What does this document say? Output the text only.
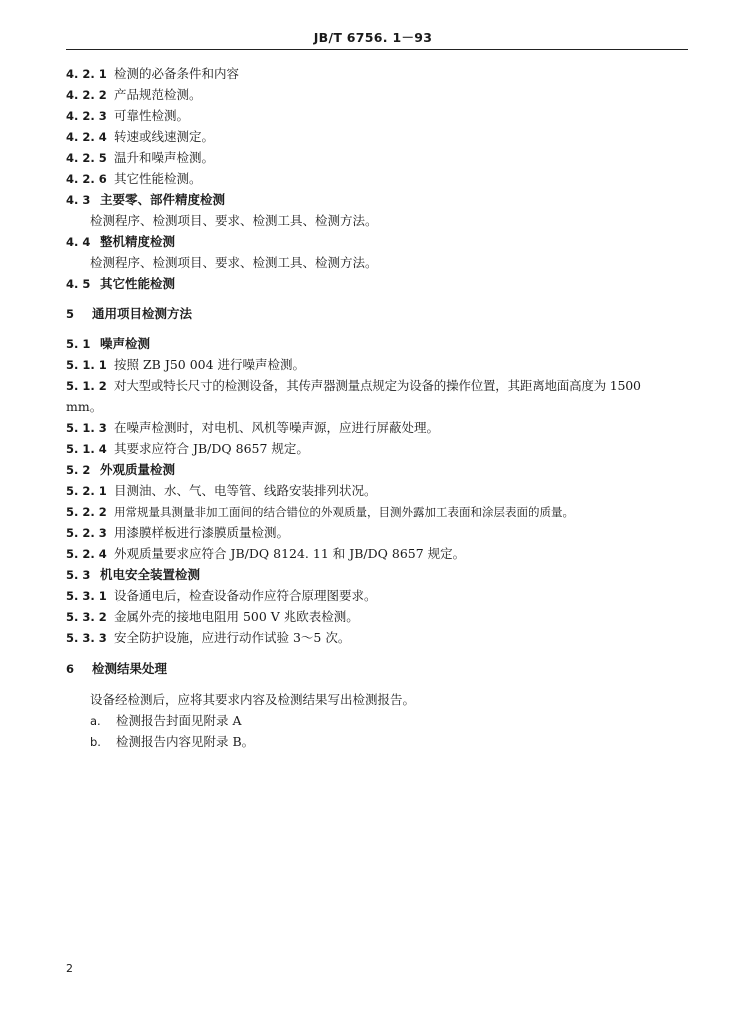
JB/T 6756. 1－93
4. 2. 1 检测的必备条件和内容
4. 2. 2 产品规范检测。
4. 2. 3 可靠性检测。
4. 2. 4 转速或线速测定。
4. 2. 5 温升和噪声检测。
4. 2. 6 其它性能检测。
4. 3 主要零、部件精度检测
检测程序、检测项目、要求、检测工具、检测方法。
4. 4 整机精度检测
检测程序、检测项目、要求、检测工具、检测方法。
4. 5 其它性能检测
5 通用项目检测方法
5. 1 噪声检测
5. 1. 1 按照 ZB J50 004 进行噪声检测。
5. 1. 2 对大型或特长尺寸的检测设备，其传声器测量点规定为设备的操作位置，其距离地面高度为 1500
mm。
5. 1. 3 在噪声检测时，对电机、风机等噪声源，应进行屏蔽处理。
5. 1. 4 其要求应符合 JB/DQ 8657 规定。
5. 2 外观质量检测
5. 2. 1 目测油、水、气、电等管、线路安装排列状况。
5. 2. 2 用常规量具测量非加工面间的结合错位的外观质量，目测外露加工表面和涂层表面的质量。
5. 2. 3 用漆膜样板进行漆膜质量检测。
5. 2. 4 外观质量要求应符合 JB/DQ 8124. 11 和 JB/DQ 8657 规定。
5. 3 机电安全装置检测
5. 3. 1 设备通电后，检查设备动作应符合原理图要求。
5. 3. 2 金属外壳的接地电阻用 500 V 兆欧表检测。
5. 3. 3 安全防护设施，应进行动作试验 3～5 次。
6 检测结果处理
设备经检测后，应将其要求内容及检测结果写出检测报告。
a. 检测报告封面见附录 A
b. 检测报告内容见附录 B。
2
